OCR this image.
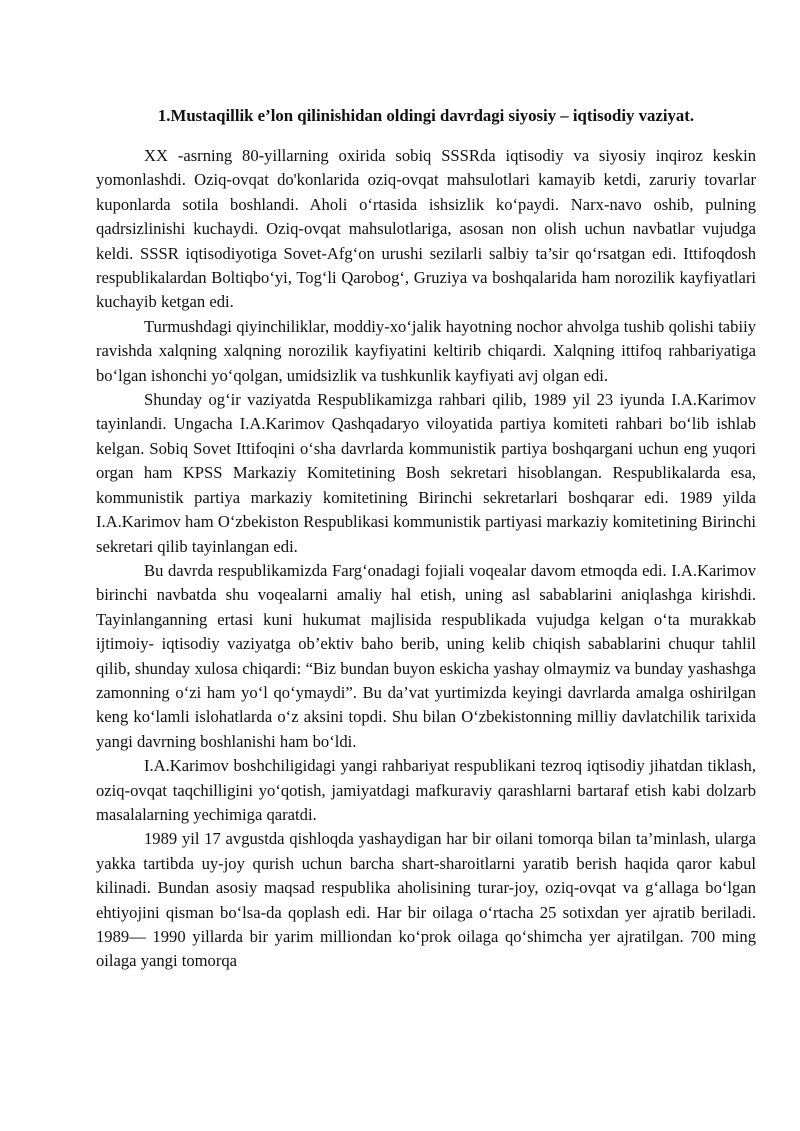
1.Mustaqillik e’lon qilinishidan oldingi davrdagi siyosiy – iqtisodiy vaziyat.

XX -asrning 80-yillarning oxirida sobiq SSSRda iqtisodiy va siyosiy inqiroz keskin yomonlashdi. Oziq-ovqat do'konlarida oziq-ovqat mahsulotlari kamayib ketdi, zaruriy tovarlar kuponlarda sotila boshlandi. Aholi o‘rtasida ishsizlik ko‘paydi. Narx-navo oshib, pulning qadrsizlinishi kuchaydi. Oziq-ovqat mahsulotlariga, asosan non olish uchun navbatlar vujudga keldi. SSSR iqtisodiyotiga Sovet-Afg‘on urushi sezilarli salbiy ta’sir qo‘rsatgan edi. Ittifoqdosh respublikalardan Boltiqbo‘yi, Tog‘li Qarobog‘, Gruziya va boshqalarida ham norozilik kayfiyatlari kuchayib ketgan edi.

Turmushdagi qiyinchiliklar, moddiy-xo‘jalik hayotning nochor ahvolga tushib qolishi tabiiy ravishda xalqning xalqning norozilik kayfiyatini keltirib chiqardi. Xalqning ittifoq rahbariyatiga bo‘lgan ishonchi yo‘qolgan, umidsizlik va tushkunlik kayfiyati avj olgan edi.

Shunday og‘ir vaziyatda Respublikamizga rahbari qilib, 1989 yil 23 iyunda I.A.Karimov tayinlandi. Ungacha I.A.Karimov Qashqadaryo viloyatida partiya komiteti rahbari bo‘lib ishlab kelgan. Sobiq Sovet Ittifoqini o‘sha davrlarda kommunistik partiya boshqargani uchun eng yuqori organ ham KPSS Markaziy Komitetining Bosh sekretari hisoblangan. Respublikalarda esa, kommunistik partiya markaziy komitetining Birinchi sekretarlari boshqarar edi. 1989 yilda I.A.Karimov ham O‘zbekiston Respublikasi kommunistik partiyasi markaziy komitetining Birinchi sekretari qilib tayinlangan edi.

Bu davrda respublikamizda Farg‘onadagi fojiali voqealar davom etmoqda edi. I.A.Karimov birinchi navbatda shu voqealarni amaliy hal etish, uning asl sabablarini aniqlashga kirishdi. Tayinlanganning ertasi kuni hukumat majlisida respublikada vujudga kelgan o‘ta murakkab ijtimoiy- iqtisodiy vaziyatga ob’ektiv baho berib, uning kelib chiqish sabablarini chuqur tahlil qilib, shunday xulosa chiqardi: “Biz bundan buyon eskicha yashay olmaymiz va bunday yashashga zamonning o‘zi ham yo‘l qo‘ymaydi”. Bu da’vat yurtimizda keyingi davrlarda amalga oshirilgan keng ko‘lamli islohatlarda o‘z aksini topdi. Shu bilan O‘zbekistonning milliy davlatchilik tarixida yangi davrning boshlanishi ham bo‘ldi.

I.A.Karimov boshchiligidagi yangi rahbariyat respublikani tezroq iqtisodiy jihatdan tiklash, oziq-ovqat taqchilligini yo‘qotish, jamiyatdagi mafkuraviy qarashlarni bartaraf etish kabi dolzarb masalalarning yechimiga qaratdi.

1989 yil 17 avgustda qishloqda yashaydigan har bir oilani tomorqa bilan ta’minlash, ularga yakka tartibda uy-joy qurish uchun barcha shart-sharoitlarni yaratib berish haqida qaror kabul kilinadi. Bundan asosiy maqsad respublika aholisining turar-joy, oziq-ovqat va g‘allaga bo‘lgan ehtiyojini qisman bo‘lsa-da qoplash edi. Har bir oilaga o‘rtacha 25 sotixdan yer ajratib beriladi. 1989— 1990 yillarda bir yarim milliondan ko‘prok oilaga qo‘shimcha yer ajratilgan. 700 ming oilaga yangi tomorqa
